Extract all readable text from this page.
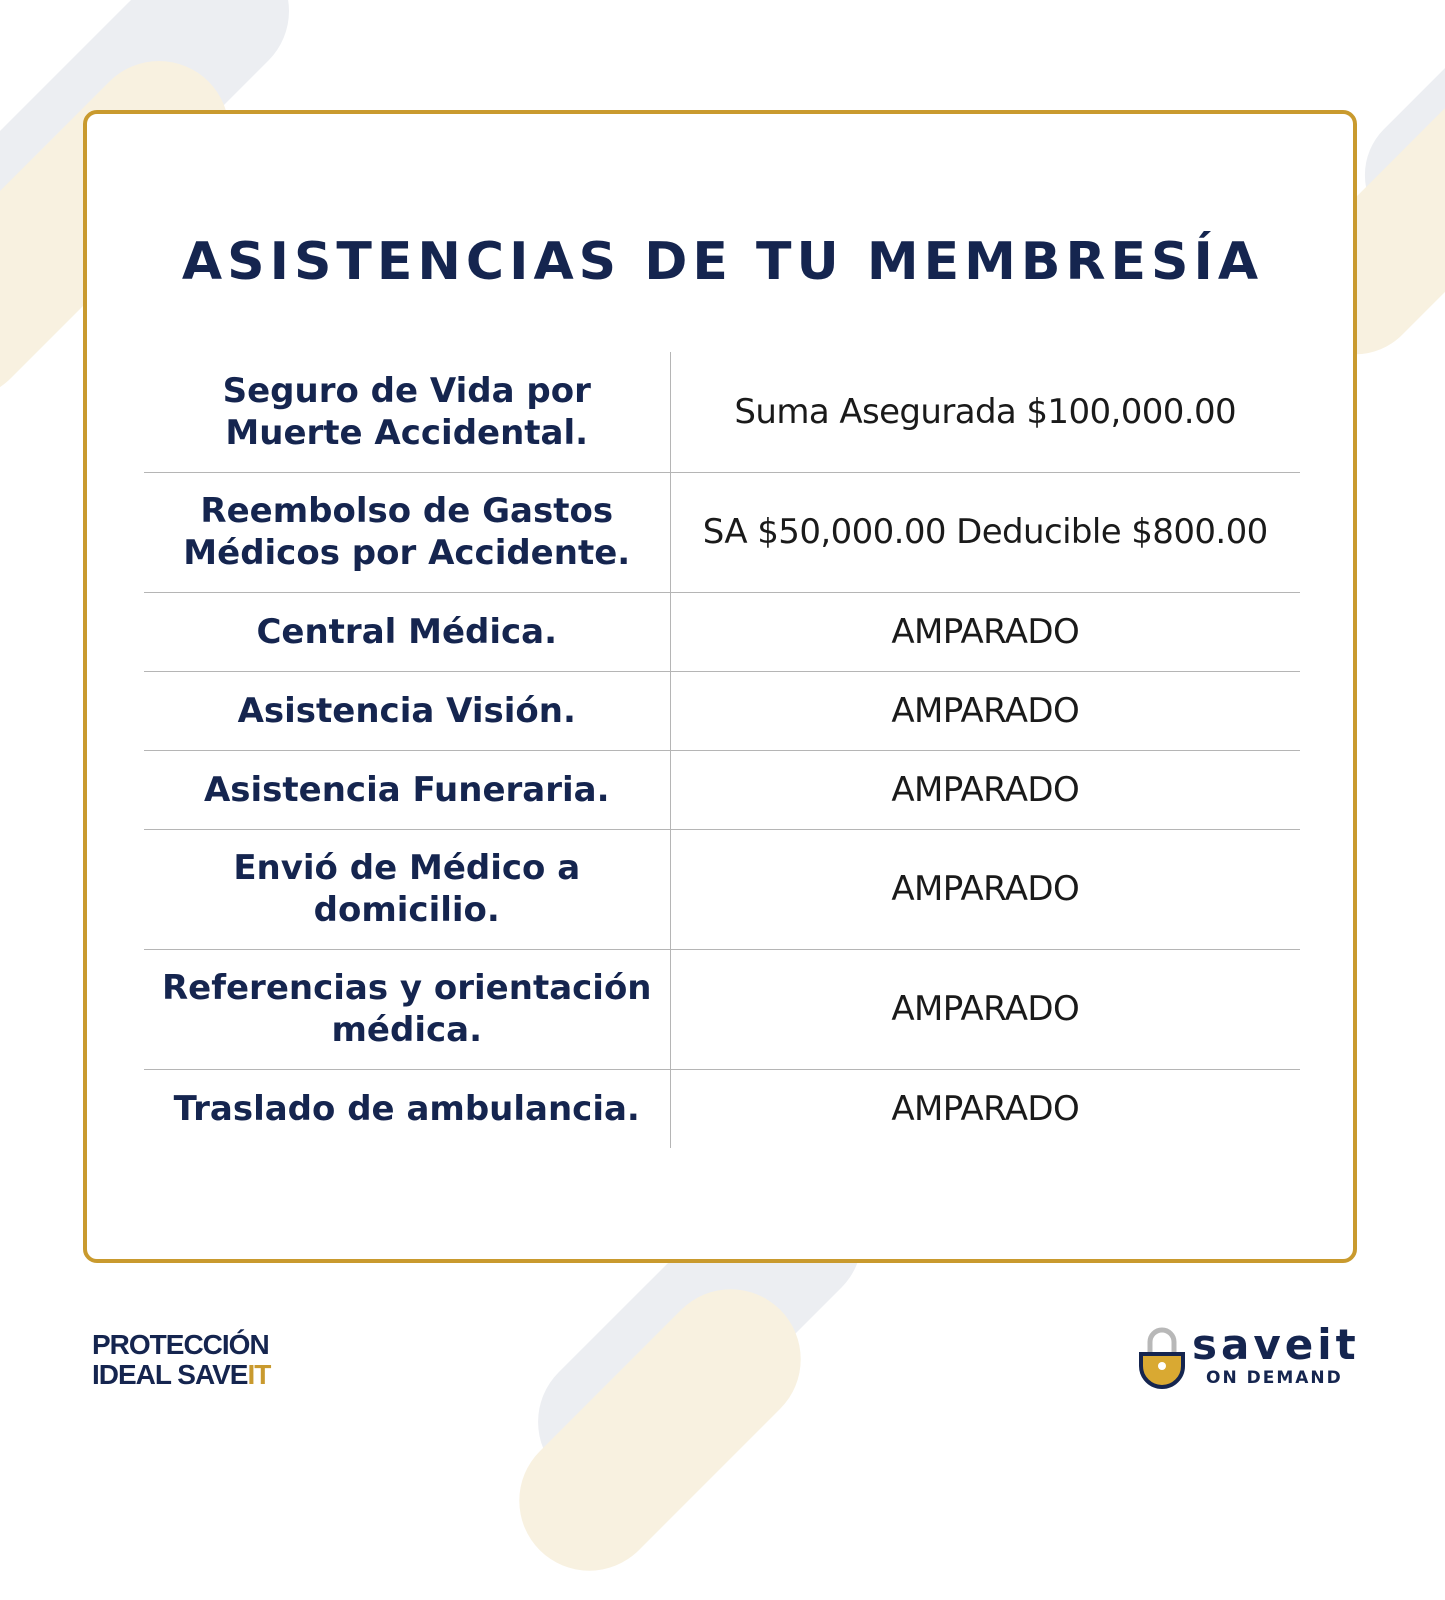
ASISTENCIAS DE TU MEMBRESÍA
Seguro de Vida por Muerte Accidental.	Suma Asegurada $100,000.00
Reembolso de Gastos Médicos por Accidente.	SA $50,000.00 Deducible $800.00
Central Médica.	AMPARADO
Asistencia Visión.	AMPARADO
Asistencia Funeraria.	AMPARADO
Envió de Médico a domicilio.	AMPARADO
Referencias y orientación médica.	AMPARADO
Traslado de ambulancia.	AMPARADO
PROTECCIÓN
IDEAL SAVEIT
saveit
ON DEMAND
